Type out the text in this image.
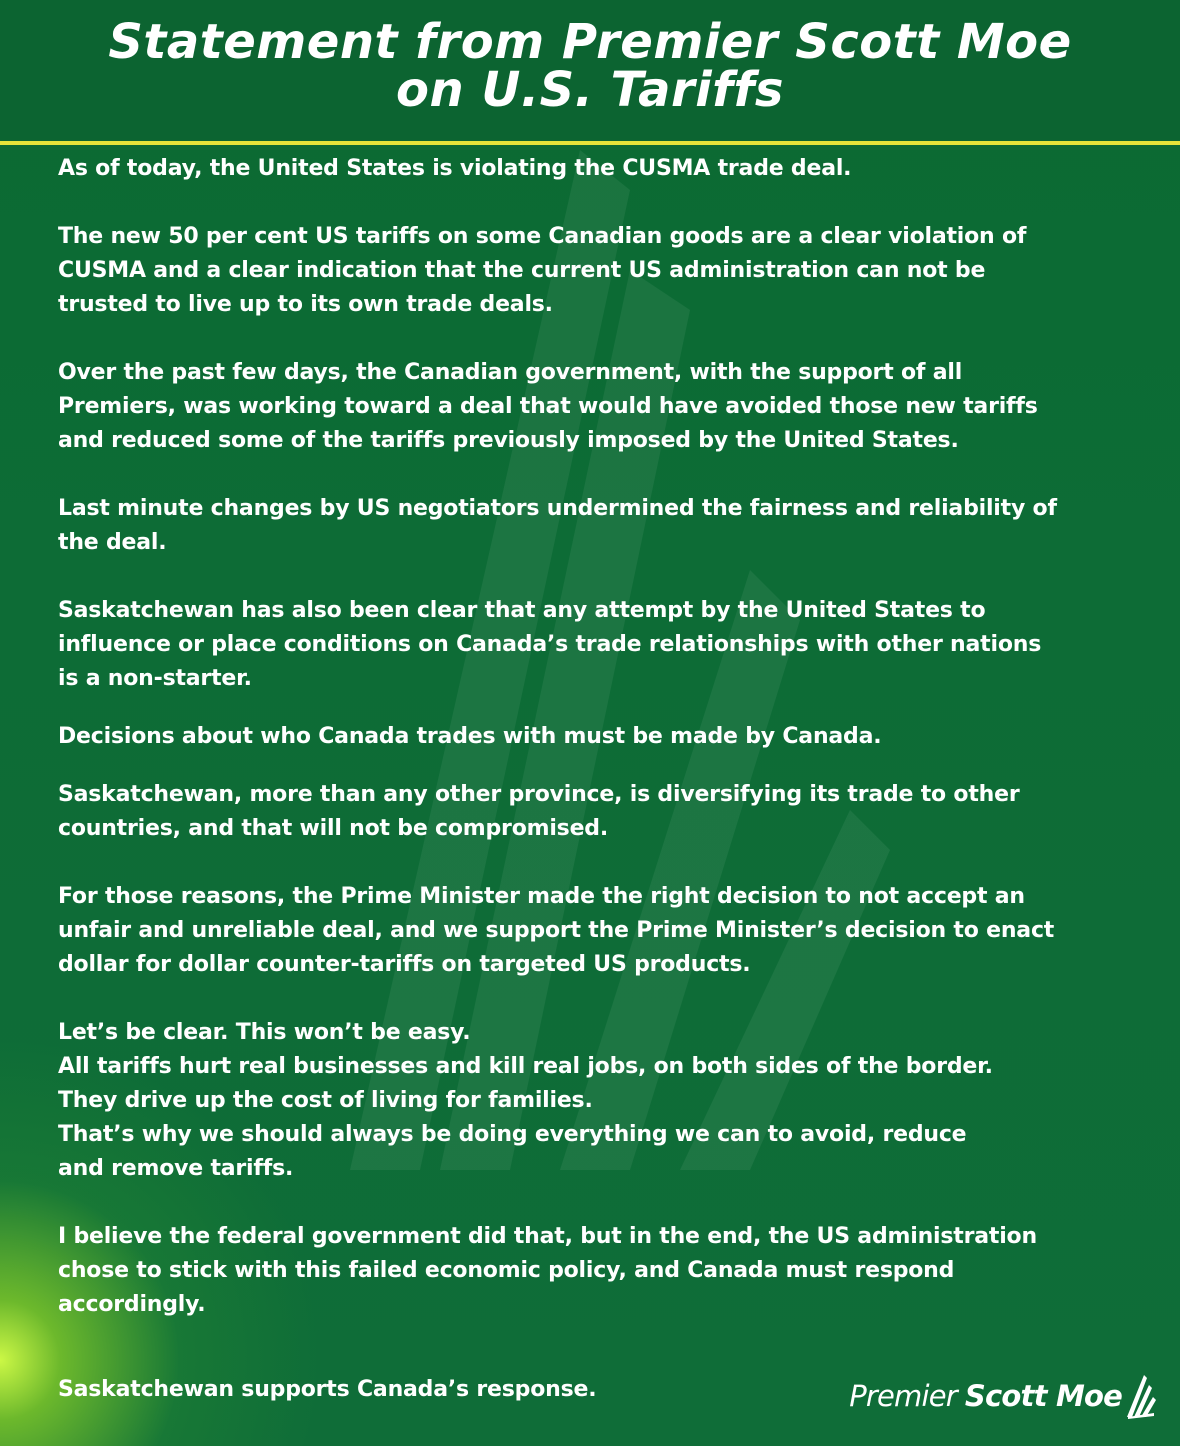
Statement from Premier Scott Moe
on U.S. Tariffs

As of today, the United States is violating the CUSMA trade deal.

The new 50 per cent US tariffs on some Canadian goods are a clear violation of
CUSMA and a clear indication that the current US administration can not be
trusted to live up to its own trade deals.

Over the past few days, the Canadian government, with the support of all
Premiers, was working toward a deal that would have avoided those new tariffs
and reduced some of the tariffs previously imposed by the United States.

Last minute changes by US negotiators undermined the fairness and reliability of
the deal.

Saskatchewan has also been clear that any attempt by the United States to
influence or place conditions on Canada’s trade relationships with other nations
is a non-starter.

Decisions about who Canada trades with must be made by Canada.

Saskatchewan, more than any other province, is diversifying its trade to other
countries, and that will not be compromised.

For those reasons, the Prime Minister made the right decision to not accept an
unfair and unreliable deal, and we support the Prime Minister’s decision to enact
dollar for dollar counter-tariffs on targeted US products.

Let’s be clear. This won’t be easy.
All tariffs hurt real businesses and kill real jobs, on both sides of the border.
They drive up the cost of living for families.
That’s why we should always be doing everything we can to avoid, reduce
and remove tariffs.

I believe the federal government did that, but in the end, the US administration
chose to stick with this failed economic policy, and Canada must respond
accordingly.

Saskatchewan supports Canada’s response.	Premier Scott Moe
